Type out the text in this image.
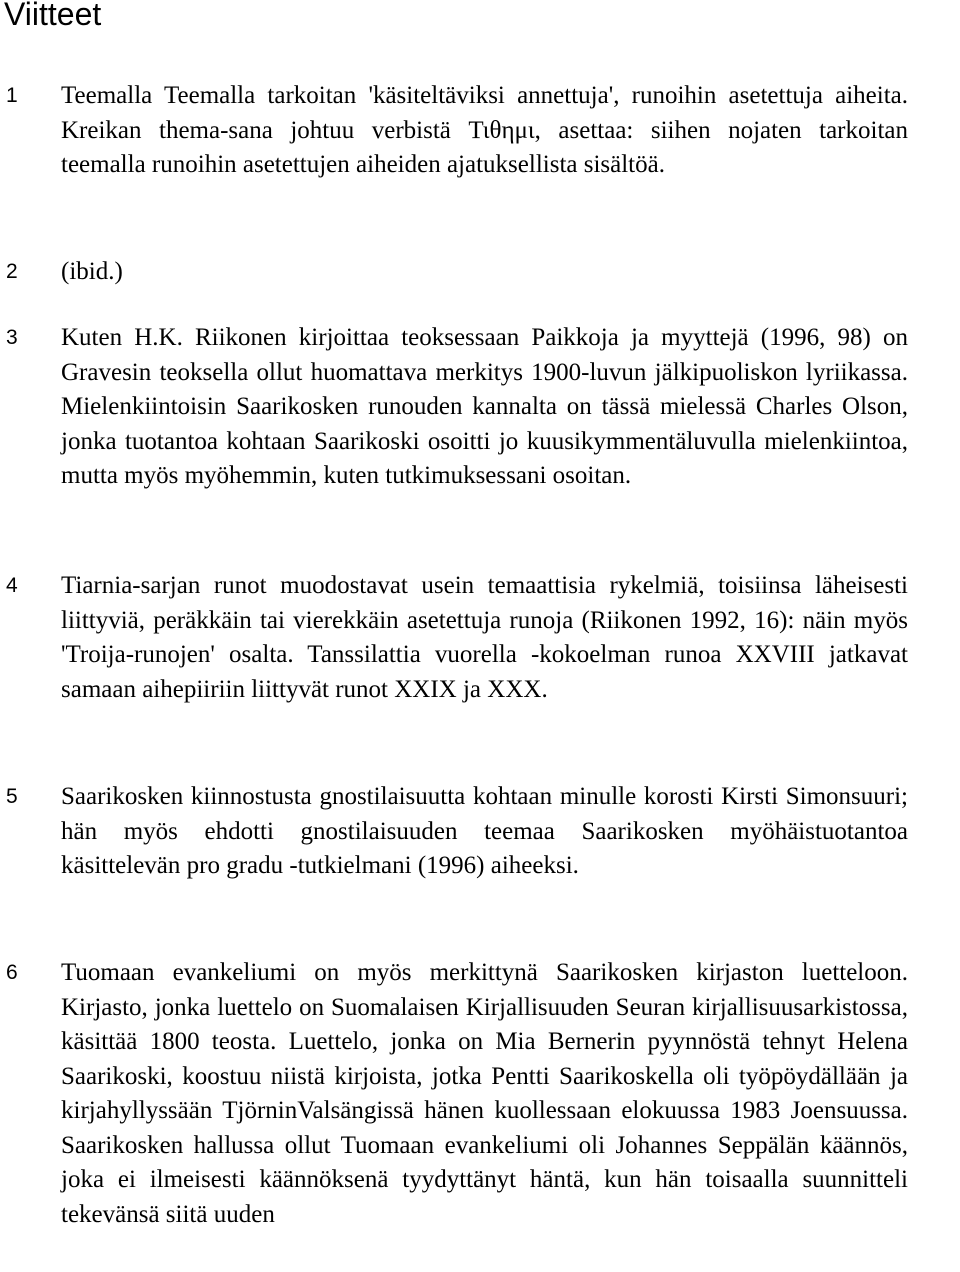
Viitteet
1 Teemalla Teemalla tarkoitan 'käsiteltäviksi annettuja', runoihin asetettuja aiheita. Kreikan thema-sana johtuu verbistä Τιθημι, asettaa: siihen nojaten tarkoitan teemalla runoihin asetettujen aiheiden ajatuksellista sisältöä.

2 (ibid.)

3 Kuten H.K. Riikonen kirjoittaa teoksessaan Paikkoja ja myyttejä (1996, 98) on Gravesin teoksella ollut huomattava merkitys 1900-luvun jälkipuoliskon lyriikassa. Mielenkiintoisin Saarikosken runouden kannalta on tässä mielessä Charles Olson, jonka tuotantoa kohtaan Saarikoski osoitti jo kuusikymmentäluvulla mielenkiintoa, mutta myös myöhemmin, kuten tutkimuksessani osoitan.

4 Tiarnia-sarjan runot muodostavat usein temaattisia rykelmiä, toisiinsa läheisesti liittyviä, peräkkäin tai vierekkäin asetettuja runoja (Riikonen 1992, 16): näin myös 'Troija-runojen' osalta. Tanssilattia vuorella -kokoelman runoa XXVIII jatkavat samaan aihepiiriin liittyvät runot XXIX ja XXX.

5 Saarikosken kiinnostusta gnostilaisuutta kohtaan minulle korosti Kirsti Simonsuuri; hän myös ehdotti gnostilaisuuden teemaa Saarikosken myöhäistuotantoa käsittelevän pro gradu -tutkielmani (1996) aiheeksi.

6 Tuomaan evankeliumi on myös merkittynä Saarikosken kirjaston luetteloon. Kirjasto, jonka luettelo on Suomalaisen Kirjallisuuden Seuran kirjallisuusarkistossa, käsittää 1800 teosta. Luettelo, jonka on Mia Bernerin pyynnöstä tehnyt Helena Saarikoski, koostuu niistä kirjoista, jotka Pentti Saarikoskella oli työpöydällään ja kirjahyllyssään TjörninValsängissä hänen kuollessaan elokuussa 1983 Joensuussa. Saarikosken hallussa ollut Tuomaan evankeliumi oli Johannes Seppälän käännös, joka ei ilmeisesti käännöksenä tyydyttänyt häntä, kun hän toisaalla suunnitteli tekevänsä siitä uuden
